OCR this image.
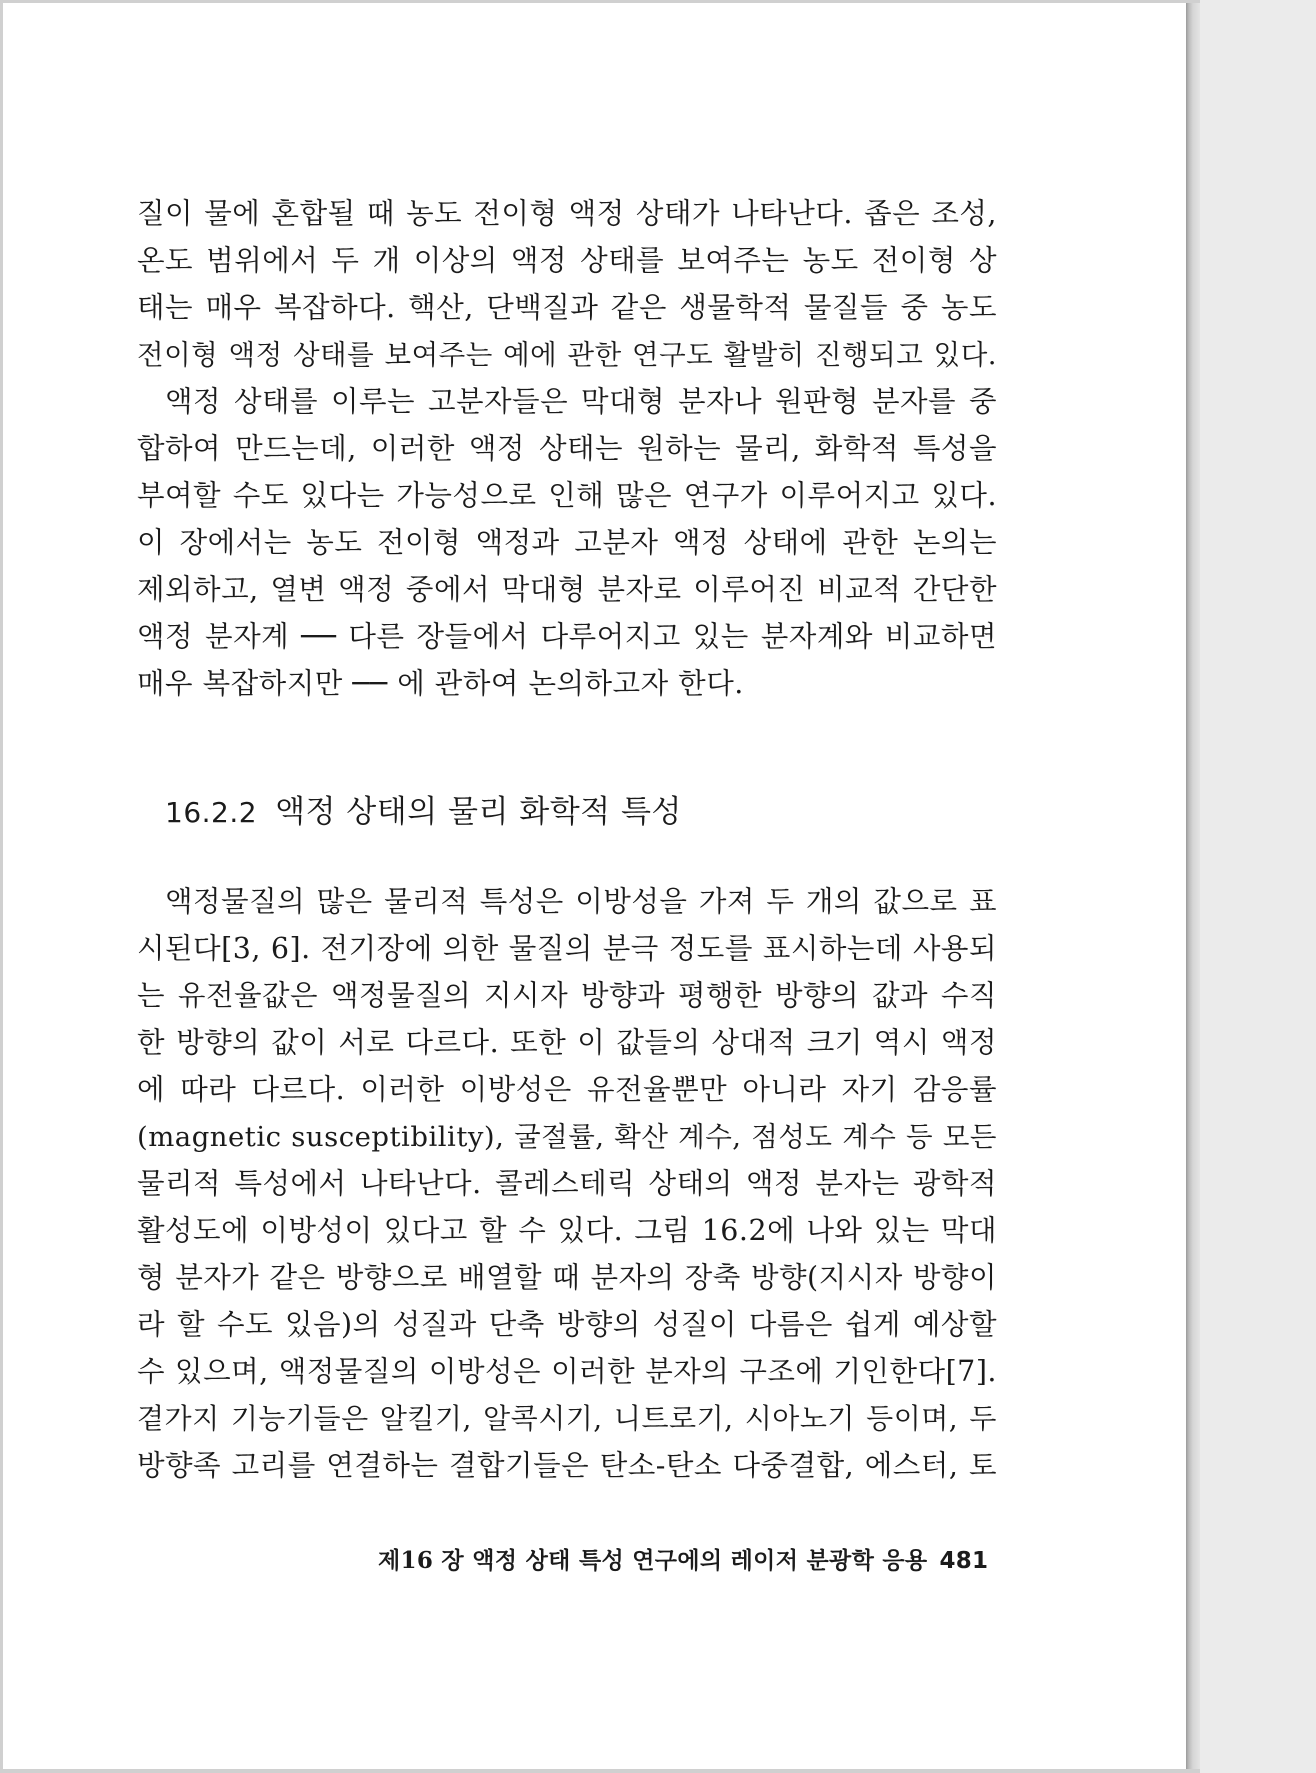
질이 물에 혼합될 때 농도 전이형 액정 상태가 나타난다. 좁은 조성,
온도 범위에서 두 개 이상의 액정 상태를 보여주는 농도 전이형 상
태는 매우 복잡하다. 핵산, 단백질과 같은 생물학적 물질들 중 농도
전이형 액정 상태를 보여주는 예에 관한 연구도 활발히 진행되고 있다.
액정 상태를 이루는 고분자들은 막대형 분자나 원판형 분자를 중
합하여 만드는데, 이러한 액정 상태는 원하는 물리, 화학적 특성을
부여할 수도 있다는 가능성으로 인해 많은 연구가 이루어지고 있다.
이 장에서는 농도 전이형 액정과 고분자 액정 상태에 관한 논의는
제외하고, 열변 액정 중에서 막대형 분자로 이루어진 비교적 간단한
액정 분자계 ── 다른 장들에서 다루어지고 있는 분자계와 비교하면
매우 복잡하지만 ── 에 관하여 논의하고자 한다.
16.2.2 액정 상태의 물리 화학적 특성
액정물질의 많은 물리적 특성은 이방성을 가져 두 개의 값으로 표
시된다[3, 6]. 전기장에 의한 물질의 분극 정도를 표시하는데 사용되
는 유전율값은 액정물질의 지시자 방향과 평행한 방향의 값과 수직
한 방향의 값이 서로 다르다. 또한 이 값들의 상대적 크기 역시 액정
에 따라 다르다. 이러한 이방성은 유전율뿐만 아니라 자기 감응률
(magnetic susceptibility), 굴절률, 확산 계수, 점성도 계수 등 모든
물리적 특성에서 나타난다. 콜레스테릭 상태의 액정 분자는 광학적
활성도에 이방성이 있다고 할 수 있다. 그림 16.2에 나와 있는 막대
형 분자가 같은 방향으로 배열할 때 분자의 장축 방향(지시자 방향이
라 할 수도 있음)의 성질과 단축 방향의 성질이 다름은 쉽게 예상할
수 있으며, 액정물질의 이방성은 이러한 분자의 구조에 기인한다[7].
곁가지 기능기들은 알킬기, 알콕시기, 니트로기, 시아노기 등이며, 두
방향족 고리를 연결하는 결합기들은 탄소-탄소 다중결합, 에스터, 토
제16 장 액정 상태 특성 연구에의 레이저 분광학 응용 481
